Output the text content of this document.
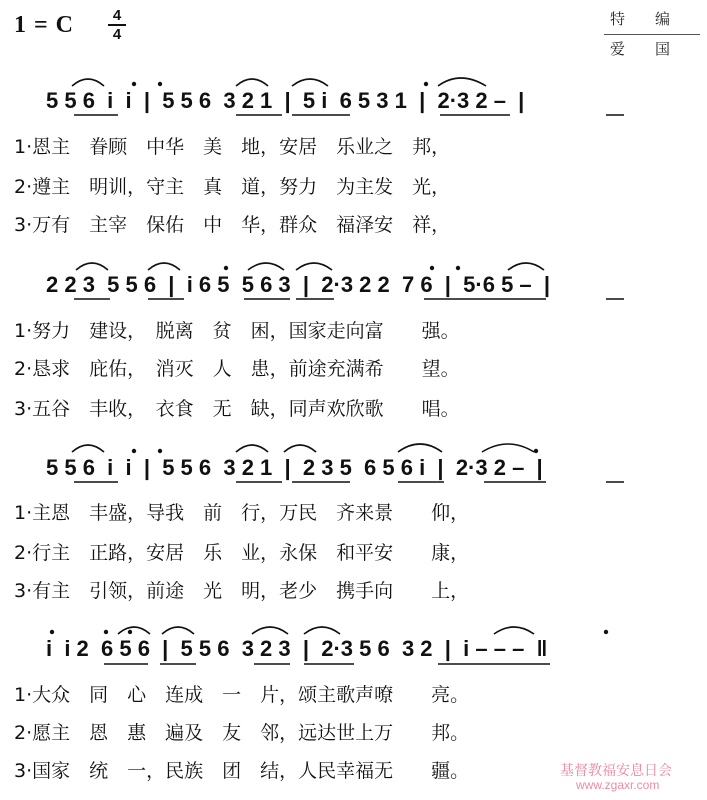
1 = C	4
4
特　　编
爱　　国
5 5 6  i  i  |  5 5 6  3 2 1  |  5 i  6 5 3 1  |  2·3 2 –  |
1·恩主　眷顾　中华　美　地，安居　乐业之　邦，
2·遵主　明训，守主　真　道，努力　为主发　光，
3·万有　主宰　保佑　中　华，群众　福泽安　祥，
2 2 3  5 5 6  |  i 6 5  5 6 3  |  2·3 2 2  7 6  |  5·6 5 –  |
1·努力　建设，　脱离　贫　困，国家走向富　　强。
2·恳求　庇佑，　消灭　人　患，前途充满希　　望。
3·五谷　丰收，　衣食　无　缺，同声欢欣歌　　唱。
5 5 6  i  i  |  5 5 6  3 2 1  |  2 3 5  6 5 6 i  |  2·3 2 –  |
1·主恩　丰盛，导我　前　行，万民　齐来景　　仰，
2·行主　正路，安居　乐　业，永保　和平安　　康，
3·有主　引领，前途　光　明，老少　携手向　　上，
i  i 2  6 5 6  |  5 5 6  3 2 3  |  2·3 5 6  3 2  |  i – – –  ‖
1·大众　同　心　连成　一　片，颂主歌声嘹　　亮。
2·愿主　恩　惠　遍及　友　邻，远达世上万　　邦。
3·国家　统　一，民族　团　结，人民幸福无　　疆。	基督教福安息日会
www.zgaxr.com
